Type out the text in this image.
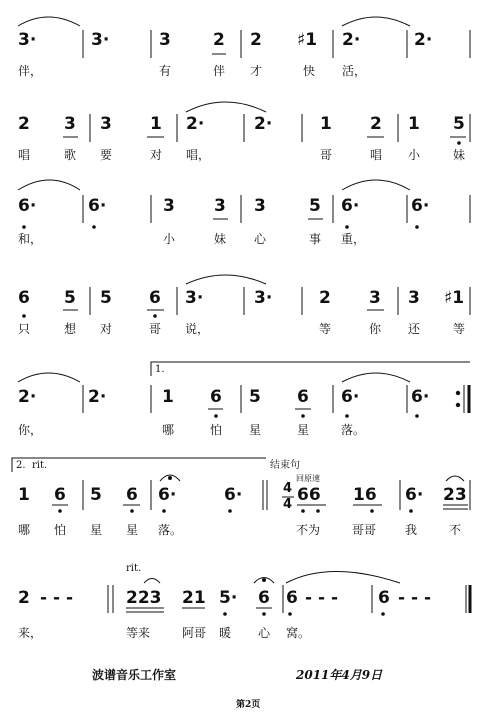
3·	3·	3 2 2 ♯1 2·	2·
伴，	有	伴 才	快 活，
2 3 3 1 2·	2·	1 2 1 5
唱	歌 要	对 唱，	哥	唱 小	妹
6·	6·	3 3 3	5 6·	6·
和，	小	妹 心	事 重，
6 5 5 6 3·	3·	2 3 3 ♯1
只	想 对	哥 说，	等	你 还	等
1.
2·	2·	1 6 5 6 6·	6·
你，	哪	怕 星	星	落。
2. rit.	结束句
回原速
1 6 5 6 6·	6·	4
4 66 16 6· 23
哪 怕 星 星 落。	不为	哥哥 我	不
rit.
2 - - -	223 21 5· 6 6 - - - 6 - - -
来，	等来	阿哥 暖 心 窝。
波谱音乐工作室	2011年4月9日
第2页
